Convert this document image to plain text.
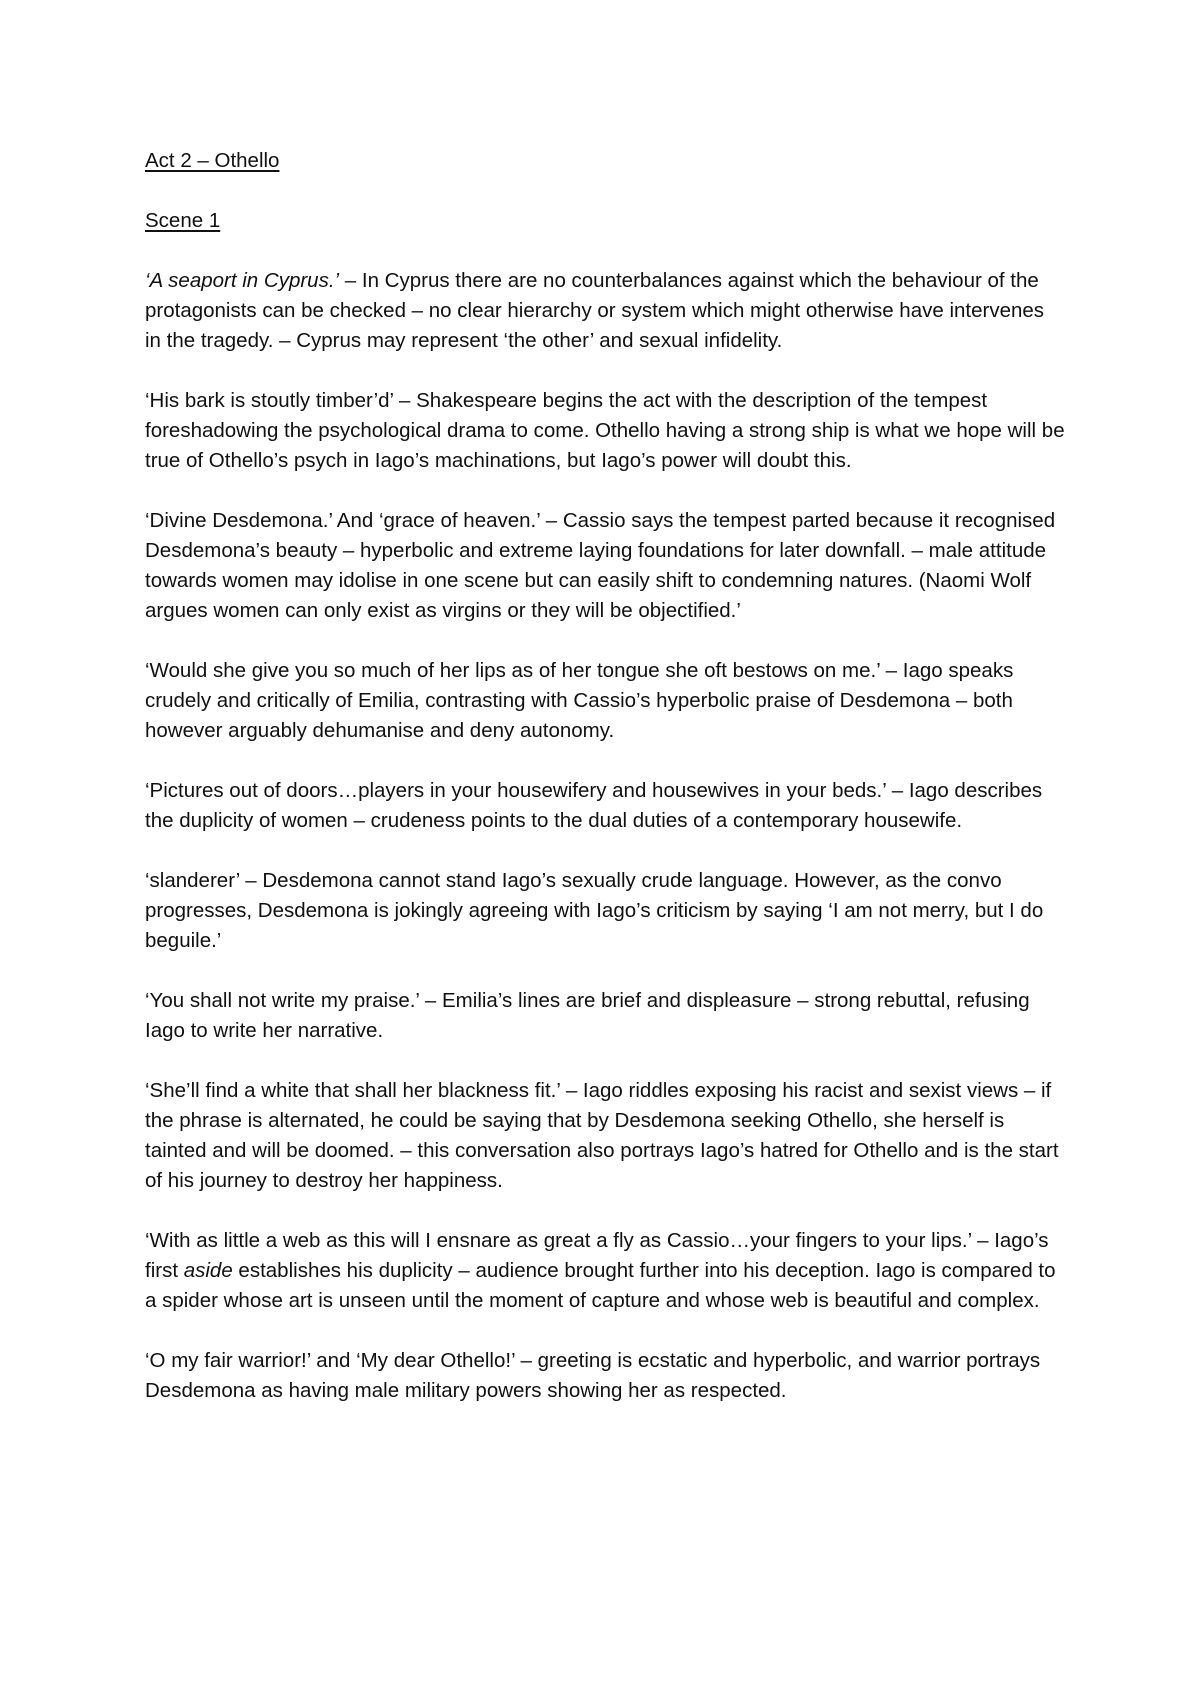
Act 2 – Othello
Scene 1

‘A seaport in Cyprus.’ – In Cyprus there are no counterbalances against which the behaviour of the protagonists can be checked – no clear hierarchy or system which might otherwise have intervenes in the tragedy. – Cyprus may represent ‘the other’ and sexual infidelity.

‘His bark is stoutly timber’d’ – Shakespeare begins the act with the description of the tempest foreshadowing the psychological drama to come. Othello having a strong ship is what we hope will be true of Othello’s psych in Iago’s machinations, but Iago’s power will doubt this.

‘Divine Desdemona.’ And ‘grace of heaven.’ – Cassio says the tempest parted because it recognised Desdemona’s beauty – hyperbolic and extreme laying foundations for later downfall. – male attitude towards women may idolise in one scene but can easily shift to condemning natures. (Naomi Wolf argues women can only exist as virgins or they will be objectified.’

‘Would she give you so much of her lips as of her tongue she oft bestows on me.’ – Iago speaks crudely and critically of Emilia, contrasting with Cassio’s hyperbolic praise of Desdemona – both however arguably dehumanise and deny autonomy.

‘Pictures out of doors…players in your housewifery and housewives in your beds.’ – Iago describes the duplicity of women – crudeness points to the dual duties of a contemporary housewife.

‘slanderer’ – Desdemona cannot stand Iago’s sexually crude language. However, as the convo progresses, Desdemona is jokingly agreeing with Iago’s criticism by saying ‘I am not merry, but I do beguile.’

‘You shall not write my praise.’ – Emilia’s lines are brief and displeasure – strong rebuttal, refusing Iago to write her narrative.

‘She’ll find a white that shall her blackness fit.’ – Iago riddles exposing his racist and sexist views – if the phrase is alternated, he could be saying that by Desdemona seeking Othello, she herself is tainted and will be doomed. – this conversation also portrays Iago’s hatred for Othello and is the start of his journey to destroy her happiness.

‘With as little a web as this will I ensnare as great a fly as Cassio…your fingers to your lips.’ – Iago’s first aside establishes his duplicity – audience brought further into his deception. Iago is compared to a spider whose art is unseen until the moment of capture and whose web is beautiful and complex.

‘O my fair warrior!’ and ‘My dear Othello!’ – greeting is ecstatic and hyperbolic, and warrior portrays Desdemona as having male military powers showing her as respected.
